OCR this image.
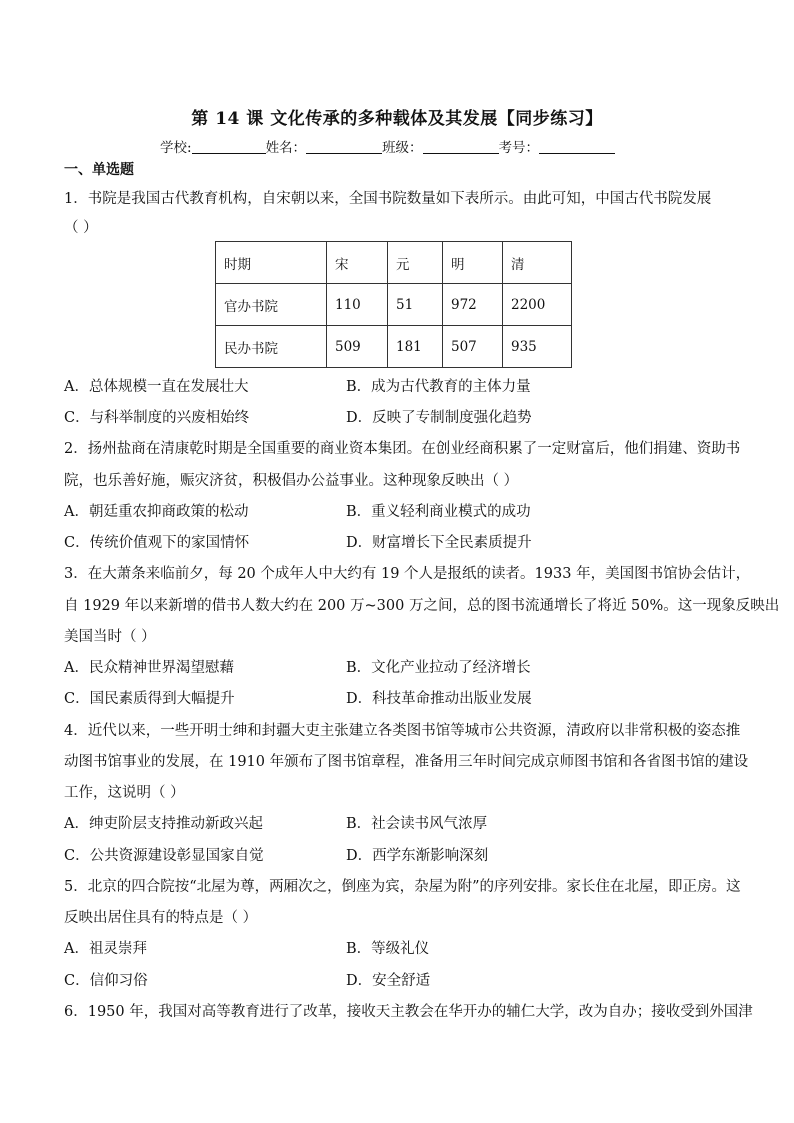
第 14 课 文化传承的多种载体及其发展【同步练习】
学校:	姓名：	班级：	考号：
一、单选题
1．书院是我国古代教育机构，自宋朝以来，全国书院数量如下表所示。由此可知，中国古代书院发展
（ ）
时期	宋	元	明	清
官办书院	110	51	972	2200
民办书院	509	181	507	935
A．总体规模一直在发展壮大	B．成为古代教育的主体力量
C．与科举制度的兴废相始终	D．反映了专制制度强化趋势
2．扬州盐商在清康乾时期是全国重要的商业资本集团。在创业经商积累了一定财富后，他们捐建、资助书
院，也乐善好施，赈灾济贫，积极倡办公益事业。这种现象反映出（ ）
A．朝廷重农抑商政策的松动	B．重义轻利商业模式的成功
C．传统价值观下的家国情怀	D．财富增长下全民素质提升
3．在大萧条来临前夕，每 20 个成年人中大约有 19 个人是报纸的读者。1933 年，美国图书馆协会估计，
自 1929 年以来新增的借书人数大约在 200 万~300 万之间，总的图书流通增长了将近 50%。这一现象反映出
美国当时（ ）
A．民众精神世界渴望慰藉	B．文化产业拉动了经济增长
C．国民素质得到大幅提升	D．科技革命推动出版业发展
4．近代以来，一些开明士绅和封疆大吏主张建立各类图书馆等城市公共资源，清政府以非常积极的姿态推
动图书馆事业的发展，在 1910 年颁布了图书馆章程，准备用三年时间完成京师图书馆和各省图书馆的建设
工作，这说明（ ）
A．绅吏阶层支持推动新政兴起	B．社会读书风气浓厚
C．公共资源建设彰显国家自觉	D．西学东渐影响深刻
5．北京的四合院按“北屋为尊，两厢次之，倒座为宾，杂屋为附”的序列安排。家长住在北屋，即正房。这
反映出居住具有的特点是（ ）
A．祖灵崇拜	B．等级礼仪
C．信仰习俗	D．安全舒适
6．1950 年，我国对高等教育进行了改革，接收天主教会在华开办的辅仁大学，改为自办；接收受到外国津
